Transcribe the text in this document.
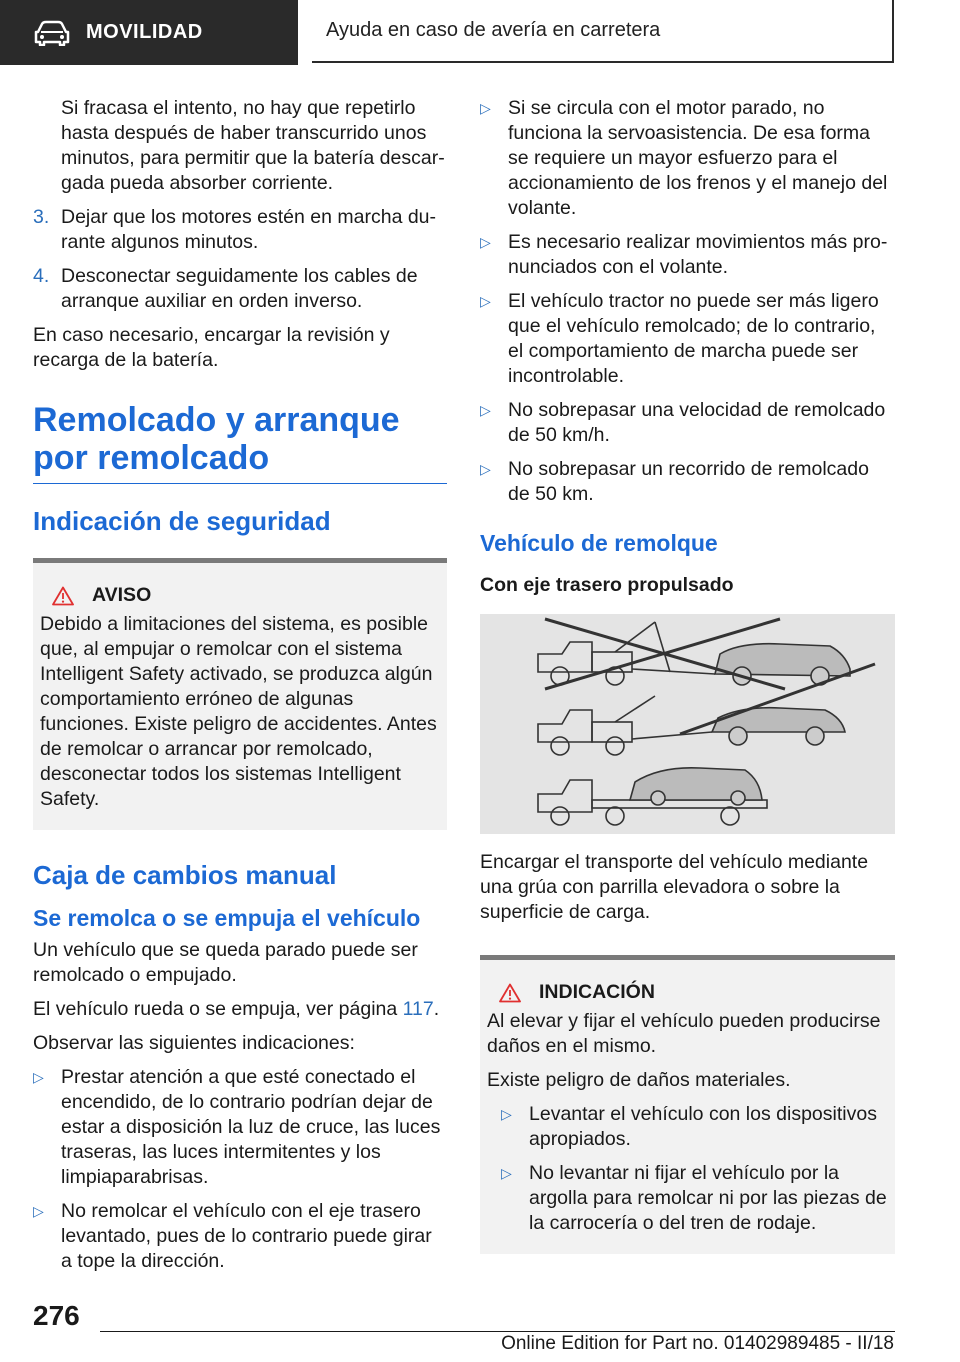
MOVILIDAD	Ayuda en caso de avería en carretera

Si fracasa el intento, no hay que repetirlo hasta después de haber transcurrido unos minutos, para permitir que la batería descargada pueda absorber corriente.

3. Dejar que los motores estén en marcha durante algunos minutos.
4. Desconectar seguidamente los cables de arranque auxiliar en orden inverso.

En caso necesario, encargar la revisión y recarga de la batería.

Remolcado y arranque por remolcado
Indicación de seguridad
AVISO
Debido a limitaciones del sistema, es posible que, al empujar o remolcar con el sistema Intelligent Safety activado, se produzca algún comportamiento erróneo de algunas funciones. Existe peligro de accidentes. Antes de remolcar o arrancar por remolcado, desconectar todos los sistemas Intelligent Safety.
Caja de cambios manual
Se remolca o se empuja el vehículo

Un vehículo que se queda parado puede ser remolcado o empujado.

El vehículo rueda o se empuja, ver página 117.

Observar las siguientes indicaciones:

▷ Prestar atención a que esté conectado el encendido, de lo contrario podrían dejar de estar a disposición la luz de cruce, las luces traseras, las luces intermitentes y los limpiaparabrisas.
▷ No remolcar el vehículo con el eje trasero levantado, pues de lo contrario puede girar a tope la dirección.
▷ Si se circula con el motor parado, no funciona la servoasistencia. De esa forma se requiere un mayor esfuerzo para el accionamiento de los frenos y el manejo del volante.
▷ Es necesario realizar movimientos más pronunciados con el volante.
▷ El vehículo tractor no puede ser más ligero que el vehículo remolcado; de lo contrario, el comportamiento de marcha puede ser incontrolable.
▷ No sobrepasar una velocidad de remolcado de 50 km/h.
▷ No sobrepasar un recorrido de remolcado de 50 km.
Vehículo de remolque
Con eje trasero propulsado

Encargar el transporte del vehículo mediante una grúa con parrilla elevadora o sobre la superficie de carga.

INDICACIÓN

Al elevar y fijar el vehículo pueden producirse daños en el mismo.

Existe peligro de daños materiales.

▷ Levantar el vehículo con los dispositivos apropiados.
▷ No levantar ni fijar el vehículo por la argolla para remolcar ni por las piezas de la carrocería o del tren de rodaje.
276
Online Edition for Part no. 01402989485 - II/18
